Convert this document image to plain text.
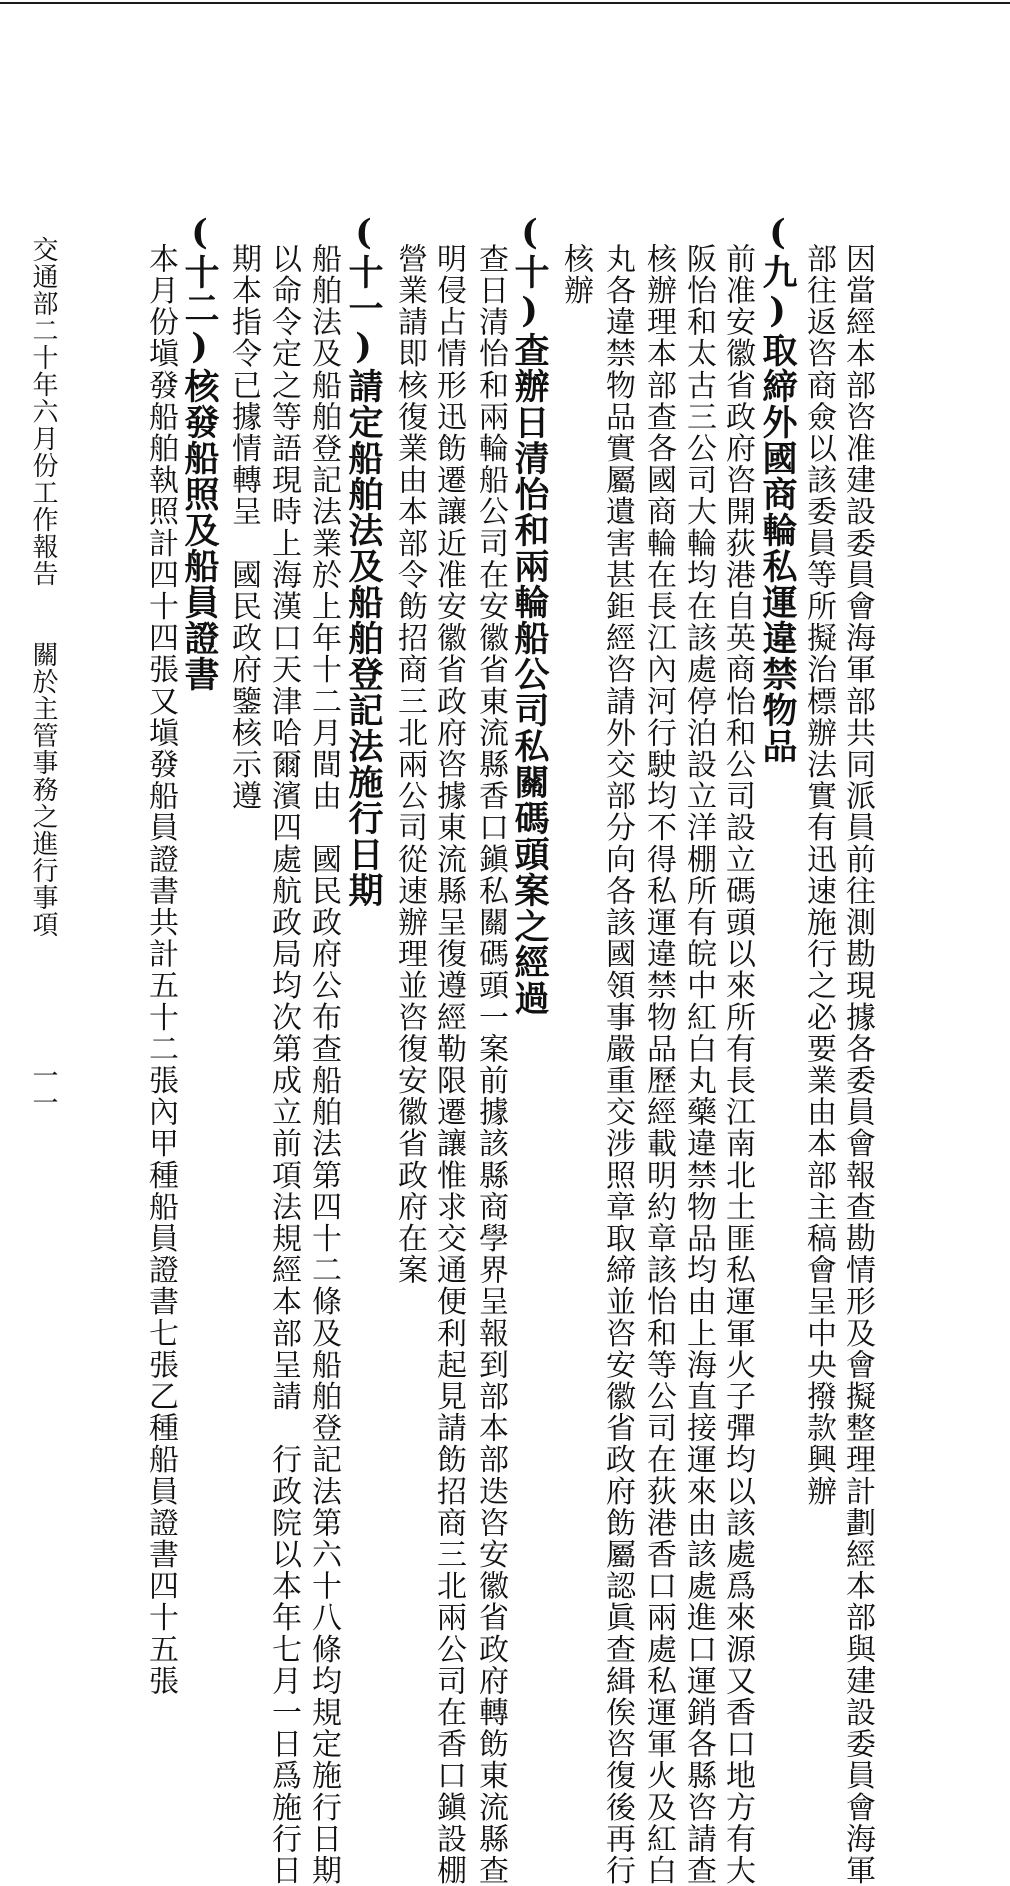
因當經本部咨准建設委員會海軍部共同派員前往測勘現據各委員會報查勘情形及會擬整理計劃經本部與建設委員會海軍
部往返咨商僉以該委員等所擬治標辦法實有迅速施行之必要業由本部主稿會呈中央撥款興辦
(九)取締外國商輪私運違禁物品
前准安徽省政府咨開荻港自英商怡和公司設立碼頭以來所有長江南北土匪私運軍火子彈均以該處爲來源又香口地方有大
阪怡和太古三公司大輪均在該處停泊設立洋棚所有皖中紅白丸藥違禁物品均由上海直接運來由該處進口運銷各縣咨請查
核辦理本部查各國商輪在長江內河行駛均不得私運違禁物品歷經載明約章該怡和等公司在荻港香口兩處私運軍火及紅白
丸各違禁物品實屬遺害甚鉅經咨請外交部分向各該國領事嚴重交涉照章取締並咨安徽省政府飭屬認眞查緝俟咨復後再行
核辦
(十)查辦日清怡和兩輪船公司私關碼頭案之經過
查日清怡和兩輪船公司在安徽省東流縣香口鎭私關碼頭一案前據該縣商學界呈報到部本部迭咨安徽省政府轉飭東流縣查
明侵占情形迅飭遷讓近准安徽省政府咨據東流縣呈復遵經勒限遷讓惟求交通便利起見請飭招商三北兩公司在香口鎭設棚
營業請即核復業由本部令飭招商三北兩公司從速辦理並咨復安徽省政府在案
(十一)請定船舶法及船舶登記法施行日期
船舶法及船舶登記法業於上年十二月間由　國民政府公布查船舶法第四十二條及船舶登記法第六十八條均規定施行日期
以命令定之等語現時上海漢口天津哈爾濱四處航政局均次第成立前項法規經本部呈請　行政院以本年七月一日爲施行日
期本指令已據情轉呈　國民政府鑒核示遵
(十二)核發船照及船員證書
本月份塡發船舶執照計四十四張又塡發船員證書共計五十二張內甲種船員證書七張乙種船員證書四十五張
交通部二十年六月份工作報告　　關於主管事務之進行事項
一一
